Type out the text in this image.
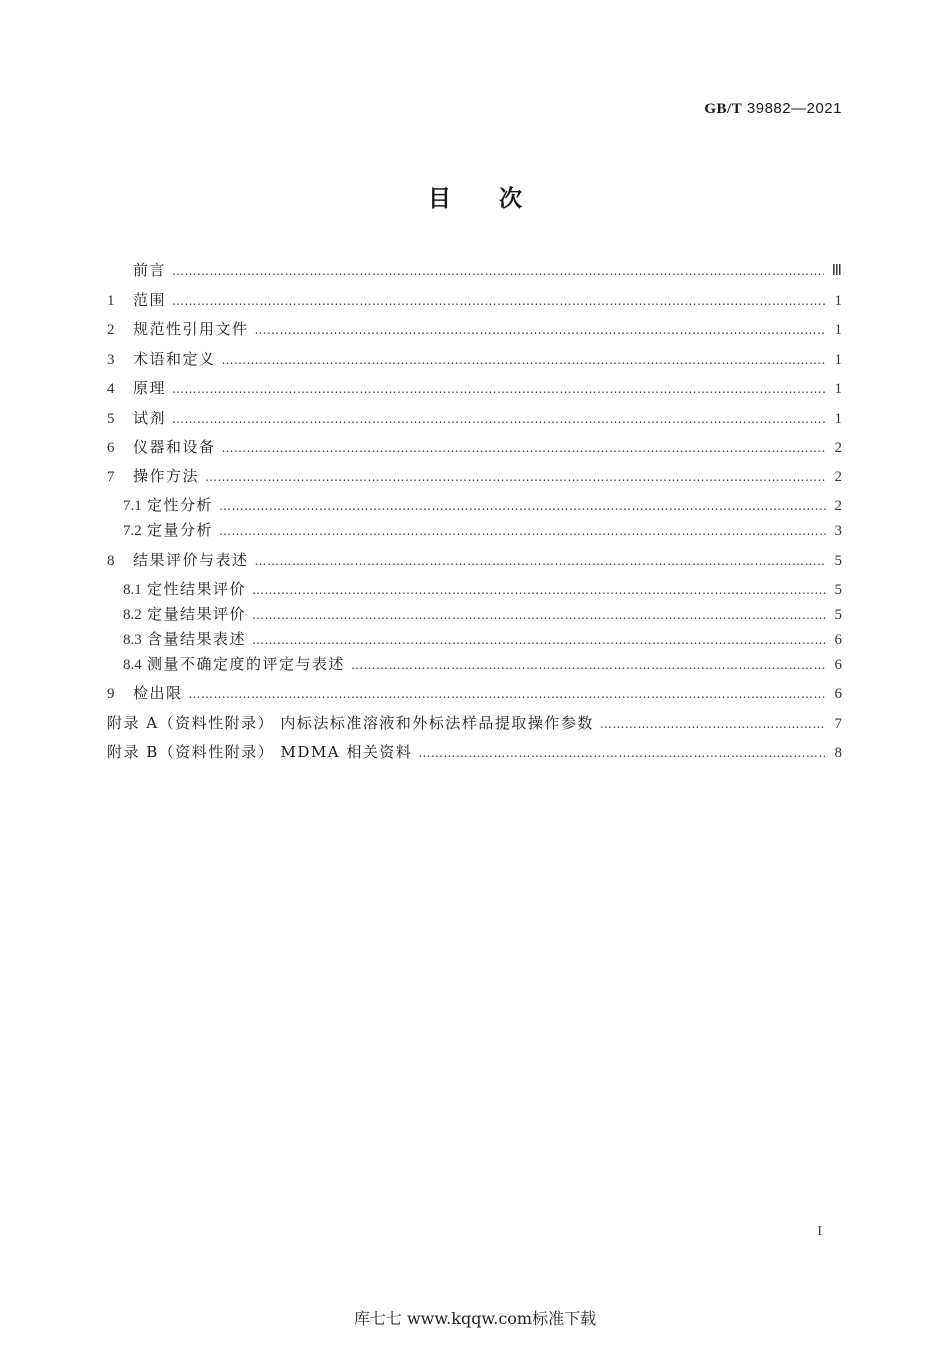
GB/T 39882—2021
目次
前言 ………………………………………………………………………………………………………………………………………………………………………………………………………………	Ⅲ
1	范围 ………………………………………………………………………………………………………………………………………………………………………………………………………………	1
2	规范性引用文件 ………………………………………………………………………………………………………………………………………………………………………………………………………………	1
3	术语和定义 ………………………………………………………………………………………………………………………………………………………………………………………………………………	1
4	原理 ………………………………………………………………………………………………………………………………………………………………………………………………………………	1
5	试剂 ………………………………………………………………………………………………………………………………………………………………………………………………………………	1
6	仪器和设备 ………………………………………………………………………………………………………………………………………………………………………………………………………………	2
7	操作方法 ………………………………………………………………………………………………………………………………………………………………………………………………………………	2
7.1 定性分析 ………………………………………………………………………………………………………………………………………………………………………………………………………………	2
7.2 定量分析 ………………………………………………………………………………………………………………………………………………………………………………………………………………	3
8	结果评价与表述 ………………………………………………………………………………………………………………………………………………………………………………………………………………	5
8.1 定性结果评价 ………………………………………………………………………………………………………………………………………………………………………………………………………………	5
8.2 定量结果评价 ………………………………………………………………………………………………………………………………………………………………………………………………………………	5
8.3 含量结果表述 ………………………………………………………………………………………………………………………………………………………………………………………………………………	6
8.4 测量不确定度的评定与表述 ………………………………………………………………………………………………………………………………………………………………………………………………………………	6
9	检出限 ………………………………………………………………………………………………………………………………………………………………………………………………………………	6
附录 A（资料性附录） 内标法标准溶液和外标法样品提取操作参数 ………………………………………………………………………………………………………………………………………………………………………………………………………………	7
附录 B（资料性附录） MDMA 相关资料 ………………………………………………………………………………………………………………………………………………………………………………………………………………	8
I
库七七 www.kqqw.com标准下载
